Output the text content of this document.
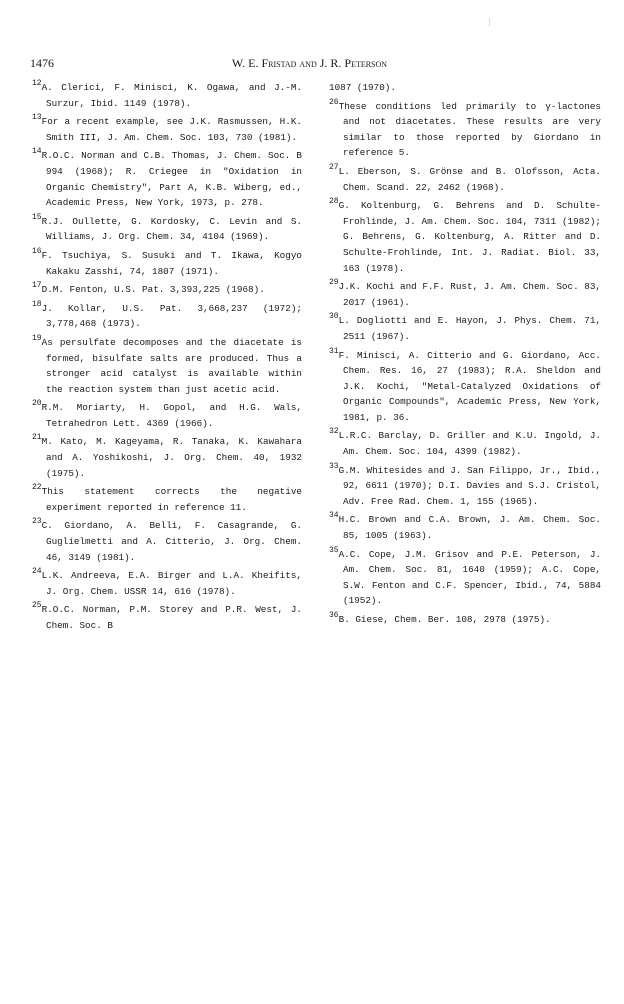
1476	W. E. Fristad and J. R. Peterson
12A. Clerici, F. Minisci, K. Ogawa, and J.-M. Surzur, Ibid. 1149 (1978).
13For a recent example, see J.K. Rasmussen, H.K. Smith III, J. Am. Chem. Soc. 103, 730 (1981).
14R.O.C. Norman and C.B. Thomas, J. Chem. Soc. B 994 (1968); R. Criegee in "Oxidation in Organic Chemistry", Part A, K.B. Wiberg, ed., Academic Press, New York, 1973, p. 278.
15R.J. Oullette, G. Kordosky, C. Levin and S. Williams, J. Org. Chem. 34, 4104 (1969).
16F. Tsuchiya, S. Susuki and T. Ikawa, Kogyo Kakaku Zasshi, 74, 1807 (1971).
17D.M. Fenton, U.S. Pat. 3,393,225 (1968).
18J. Kollar, U.S. Pat. 3,668,237 (1972); 3,778,468 (1973).
19As persulfate decomposes and the diacetate is formed, bisulfate salts are produced. Thus a stronger acid catalyst is available within the reaction system than just acetic acid.
20R.M. Moriarty, H. Gopol, and H.G. Wals, Tetrahedron Lett. 4369 (1966).
21M. Kato, M. Kageyama, R. Tanaka, K. Kawahara and A. Yoshikoshi, J. Org. Chem. 40, 1932 (1975).
22This statement corrects the negative experiment reported in reference 11.
23C. Giordano, A. Belli, F. Casagrande, G. Guglielmetti and A. Citterio, J. Org. Chem. 46, 3149 (1981).
24L.K. Andreeva, E.A. Birger and L.A. Kheifits, J. Org. Chem. USSR 14, 616 (1978).
25R.O.C. Norman, P.M. Storey and P.R. West, J. Chem. Soc. B
1087 (1970).
26These conditions led primarily to γ-lactones and not diacetates. These results are very similar to those reported by Giordano in reference 5.
27L. Eberson, S. Grönse and B. Olofsson, Acta. Chem. Scand. 22, 2462 (1968).
28G. Koltenburg, G. Behrens and D. Schulte-Frohlinde, J. Am. Chem. Soc. 104, 7311 (1982); G. Behrens, G. Koltenburg, A. Ritter and D. Schulte-Frohlinde, Int. J. Radiat. Biol. 33, 163 (1978).
29J.K. Kochi and F.F. Rust, J. Am. Chem. Soc. 83, 2017 (1961).
30L. Dogliotti and E. Hayon, J. Phys. Chem. 71, 2511 (1967).
31F. Minisci, A. Citterio and G. Giordano, Acc. Chem. Res. 16, 27 (1983); R.A. Sheldon and J.K. Kochi, "Metal-Catalyzed Oxidations of Organic Compounds", Academic Press, New York, 1981, p. 36.
32L.R.C. Barclay, D. Griller and K.U. Ingold, J. Am. Chem. Soc. 104, 4399 (1982).
33G.M. Whitesides and J. San Filippo, Jr., Ibid., 92, 6611 (1970); D.I. Davies and S.J. Cristol, Adv. Free Rad. Chem. 1, 155 (1965).
34H.C. Brown and C.A. Brown, J. Am. Chem. Soc. 85, 1005 (1963).
35A.C. Cope, J.M. Grisov and P.E. Peterson, J. Am. Chem. Soc. 81, 1640 (1959); A.C. Cope, S.W. Fenton and C.F. Spencer, Ibid., 74, 5884 (1952).
36B. Giese, Chem. Ber. 108, 2978 (1975).
